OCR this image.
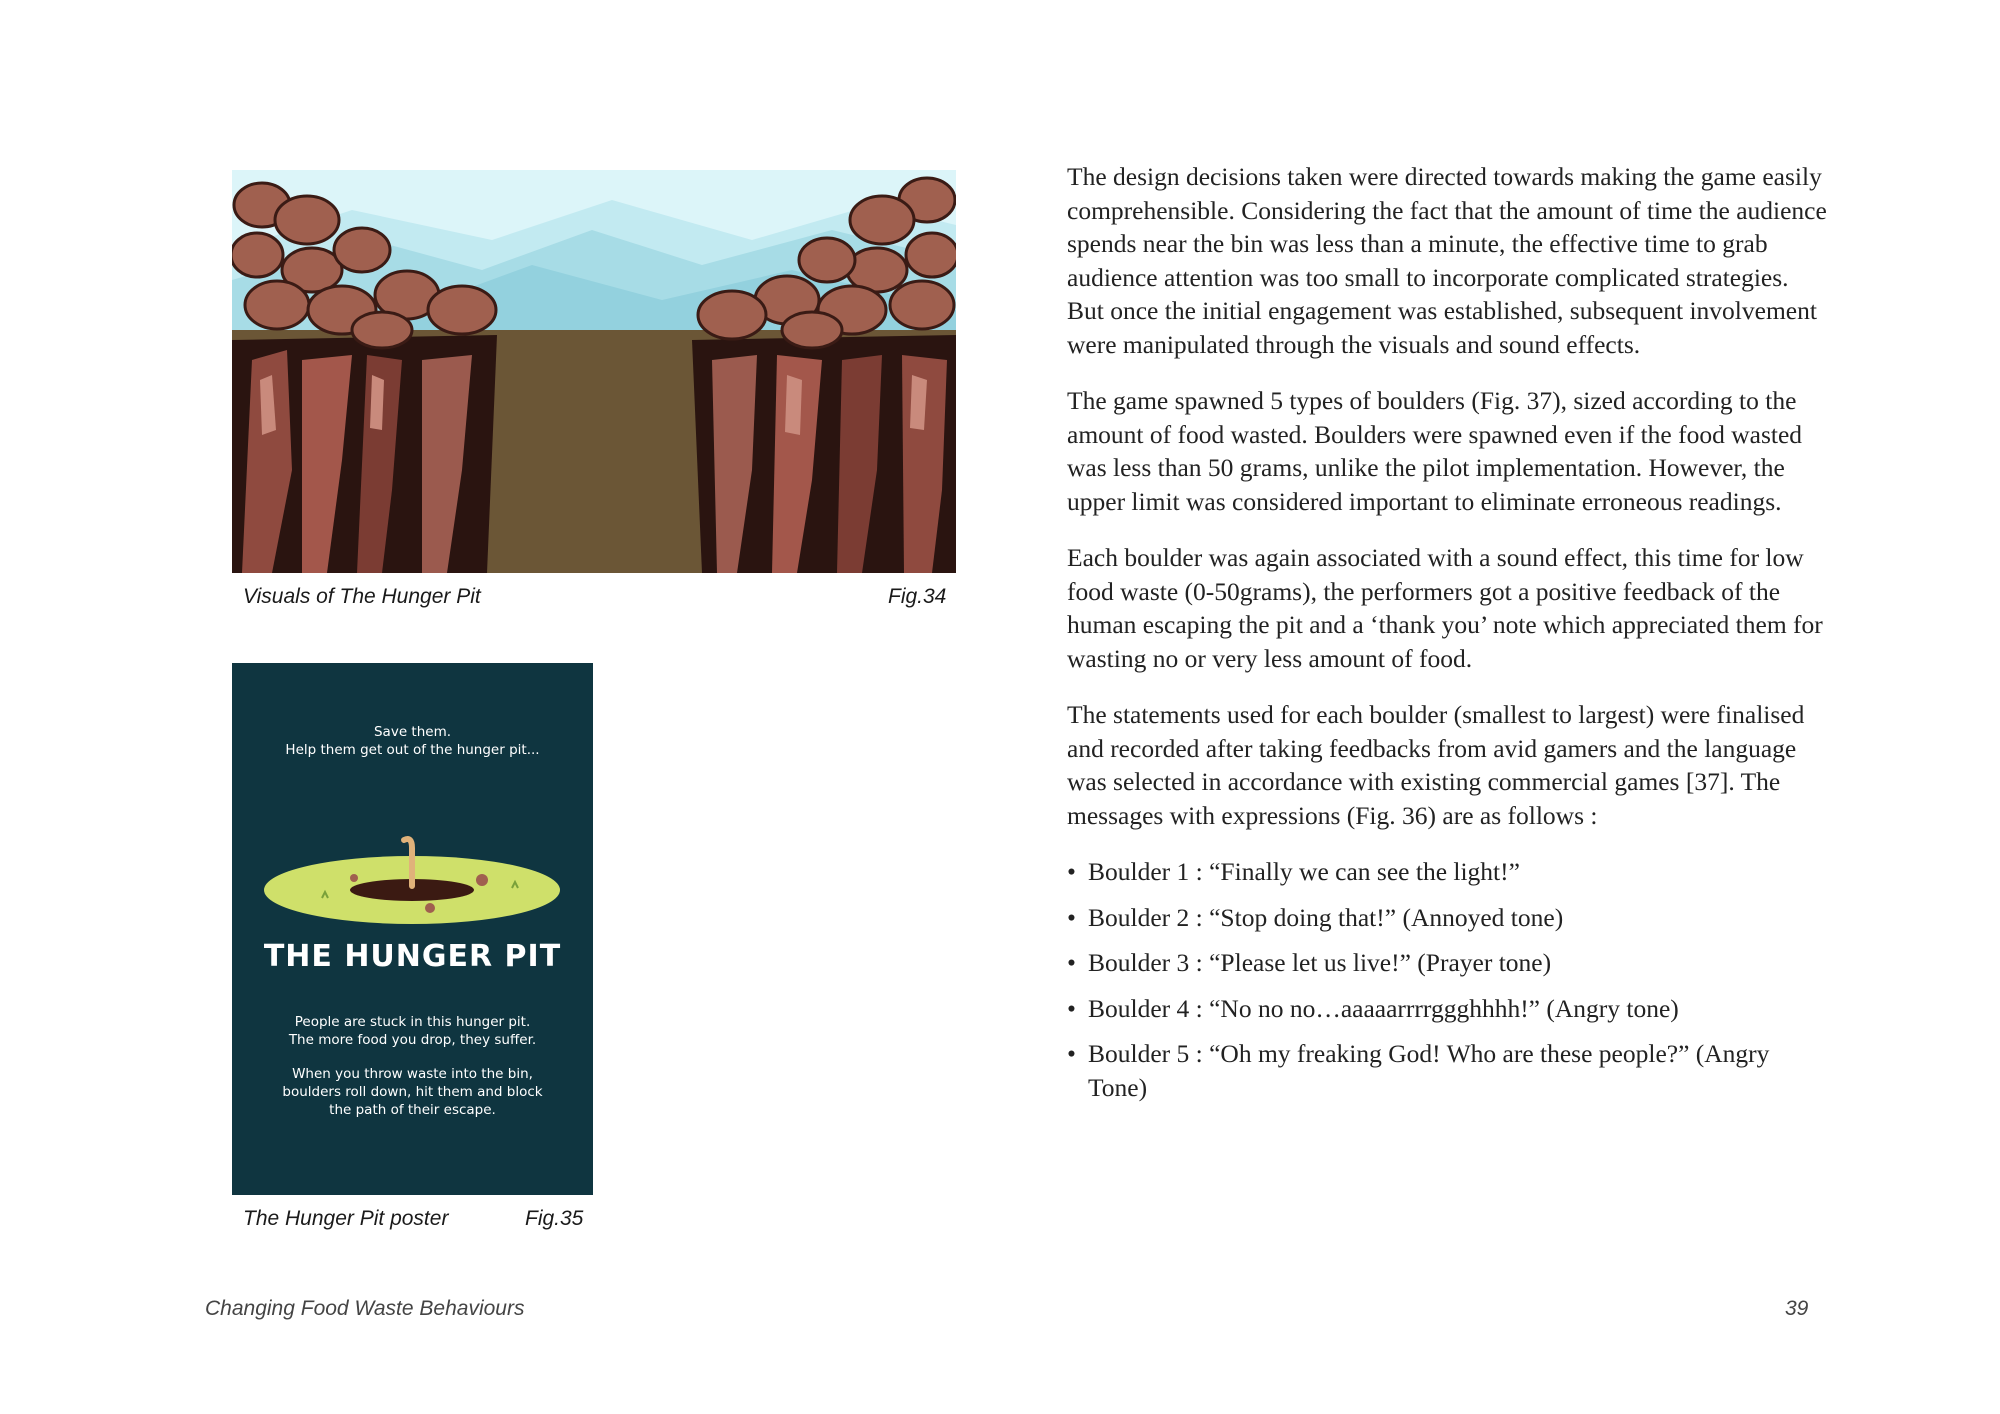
Visuals of The Hunger Pit	Fig.34
Save them.
Help them get out of the hunger pit...
THE HUNGER PIT
People are stuck in this hunger pit.
The more food you drop, they suffer.
When you throw waste into the bin,
boulders roll down, hit them and block
the path of their escape.
The Hunger Pit poster	Fig.35

The design decisions taken were directed towards making the game easily comprehensible. Considering the fact that the amount of time the audience spends near the bin was less than a minute, the effective time to grab audience attention was too small to incorporate complicated strategies. But once the initial engagement was established, subsequent involvement were manipulated through the visuals and sound effects.

The game spawned 5 types of boulders (Fig. 37), sized according to the amount of food wasted. Boulders were spawned even if the food wasted was less than 50 grams, unlike the pilot implementation. However, the upper limit was considered important to eliminate erroneous readings.

Each boulder was again associated with a sound effect, this time for low food waste (0-50grams), the performers got a positive feedback of the human escaping the pit and a ‘thank you’ note which appreciated them for wasting no or very less amount of food.

The statements used for each boulder (smallest to largest) were finalised and recorded after taking feedbacks from avid gamers and the language was selected in accordance with existing commercial games [37]. The messages with expressions (Fig. 36) are as follows :

• Boulder 1 : “Finally we can see the light!”
• Boulder 2 : “Stop doing that!” (Annoyed tone)
• Boulder 3 : “Please let us live!” (Prayer tone)
• Boulder 4 : “No no no…aaaaarrrrggghhhh!” (Angry tone)
• Boulder 5 : “Oh my freaking God! Who are these people?” (Angry Tone)
Changing Food Waste Behaviours	39
